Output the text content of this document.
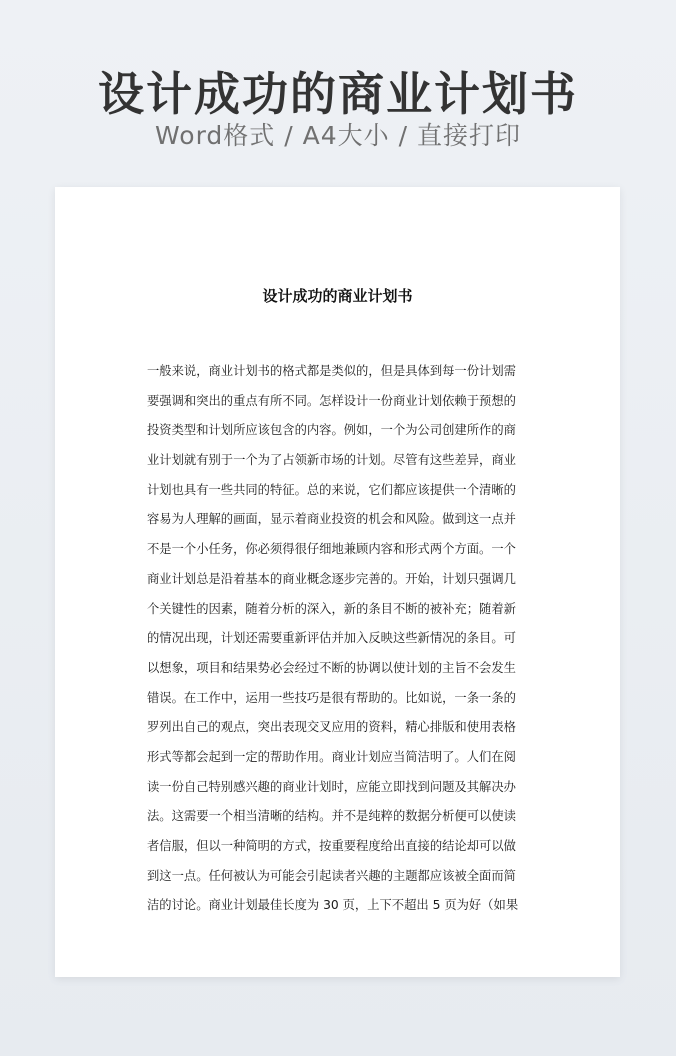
设计成功的商业计划书
Word格式 / A4大小 / 直接打印
设计成功的商业计划书
一般来说，商业计划书的格式都是类似的，但是具体到每一份计划需
要强调和突出的重点有所不同。怎样设计一份商业计划依赖于预想的
投资类型和计划所应该包含的内容。例如，一个为公司创建所作的商
业计划就有别于一个为了占领新市场的计划。尽管有这些差异，商业
计划也具有一些共同的特征。总的来说，它们都应该提供一个清晰的
容易为人理解的画面，显示着商业投资的机会和风险。做到这一点并
不是一个小任务，你必须得很仔细地兼顾内容和形式两个方面。一个
商业计划总是沿着基本的商业概念逐步完善的。开始，计划只强调几
个关键性的因素，随着分析的深入，新的条目不断的被补充；随着新
的情况出现，计划还需要重新评估并加入反映这些新情况的条目。可
以想象，项目和结果势必会经过不断的协调以使计划的主旨不会发生
错误。在工作中，运用一些技巧是很有帮助的。比如说，一条一条的
罗列出自己的观点，突出表现交叉应用的资料，精心排版和使用表格
形式等都会起到一定的帮助作用。商业计划应当简洁明了。人们在阅
读一份自己特别感兴趣的商业计划时，应能立即找到问题及其解决办
法。这需要一个相当清晰的结构。并不是纯粹的数据分析便可以使读
者信服，但以一种简明的方式，按重要程度给出直接的结论却可以做
到这一点。任何被认为可能会引起读者兴趣的主题都应该被全面而简
洁的讨论。商业计划最佳长度为 30 页，上下不超出 5 页为好（如果
